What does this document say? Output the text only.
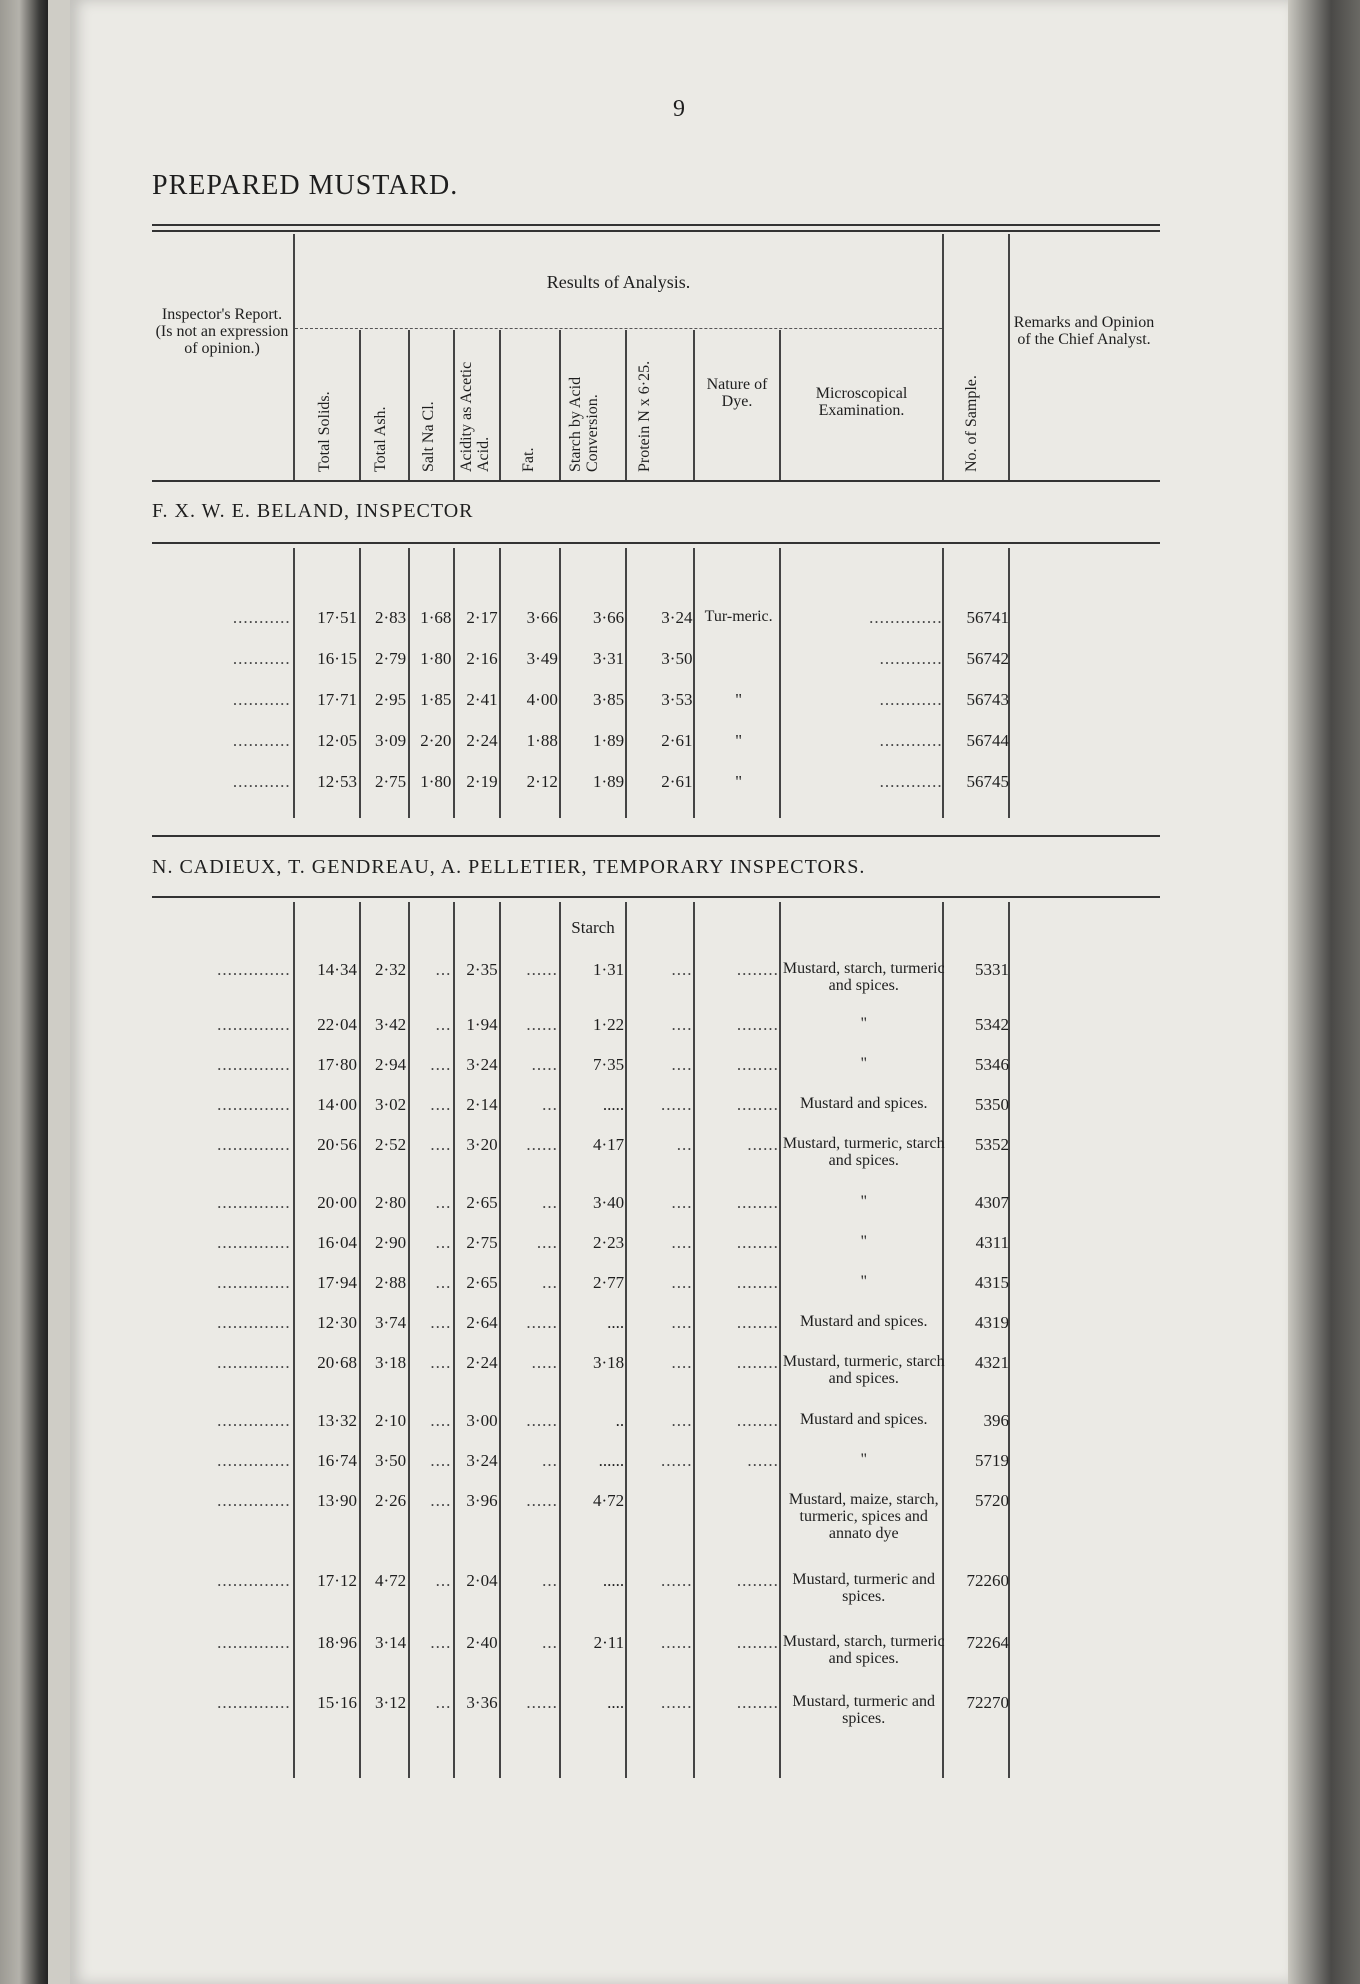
9
PREPARED MUSTARD.
Inspector's Report. (Is not an expression of opinion.)
Results of Analysis.
Remarks and Opinion of the Chief Analyst.
Total Solids. Total Ash. Salt Na Cl. Acidity as Acetic Acid. Fat. Starch by Acid Conversion. Protein N x 6·25.	Nature of Dye.	Microscopical Examination.	No. of Sample.
F. X. W. E. BELAND, INSPECTOR
...........	17·51	2·83	1·68	2·17	3·66	3·66	3·24	Tur-meric.	..............	56741
...........	16·15	2·79	1·80	2·16	3·49	3·31	3·50		............	56742
...........	17·71	2·95	1·85	2·41	4·00	3·85	3·53	"	............	56743
...........	12·05	3·09	2·20	2·24	1·88	1·89	2·61	"	............	56744
...........	12·53	2·75	1·80	2·19	2·12	1·89	2·61	"	............	56745
N. CADIEUX, T. GENDREAU, A. PELLETIER, TEMPORARY INSPECTORS.
Starch
..............	14·34	2·32	...	2·35	......	1·31	....	........	Mustard, starch, turmeric and spices.	5331
..............	22·04	3·42	...	1·94	......	1·22	....	........	"	5342
..............	17·80	2·94	....	3·24	.....	7·35	....	........	"	5346
..............	14·00	3·02	....	2·14	...	.....	......	........	Mustard and spices.	5350
..............	20·56	2·52	....	3·20	......	4·17	...	......	Mustard, turmeric, starch and spices.	5352
..............	20·00	2·80	...	2·65	...	3·40	....	........	"	4307
..............	16·04	2·90	...	2·75	....	2·23	....	........	"	4311
..............	17·94	2·88	...	2·65	...	2·77	....	........	"	4315
..............	12·30	3·74	....	2·64	......	....	....	........	Mustard and spices.	4319
..............	20·68	3·18	....	2·24	.....	3·18	....	........	Mustard, turmeric, starch and spices.	4321
..............	13·32	2·10	....	3·00	......	..	....	........	Mustard and spices.	396
..............	16·74	3·50	....	3·24	...	......	......	......	"	5719
..............	13·90	2·26	....	3·96	......	4·72			Mustard, maize, starch, turmeric, spices and annato dye	5720
..............	17·12	4·72	...	2·04	...	.....	......	........	Mustard, turmeric and spices.	72260
..............	18·96	3·14	....	2·40	...	2·11	......	........	Mustard, starch, turmeric and spices.	72264
..............	15·16	3·12	...	3·36	......	....	......	........	Mustard, turmeric and spices.	72270
